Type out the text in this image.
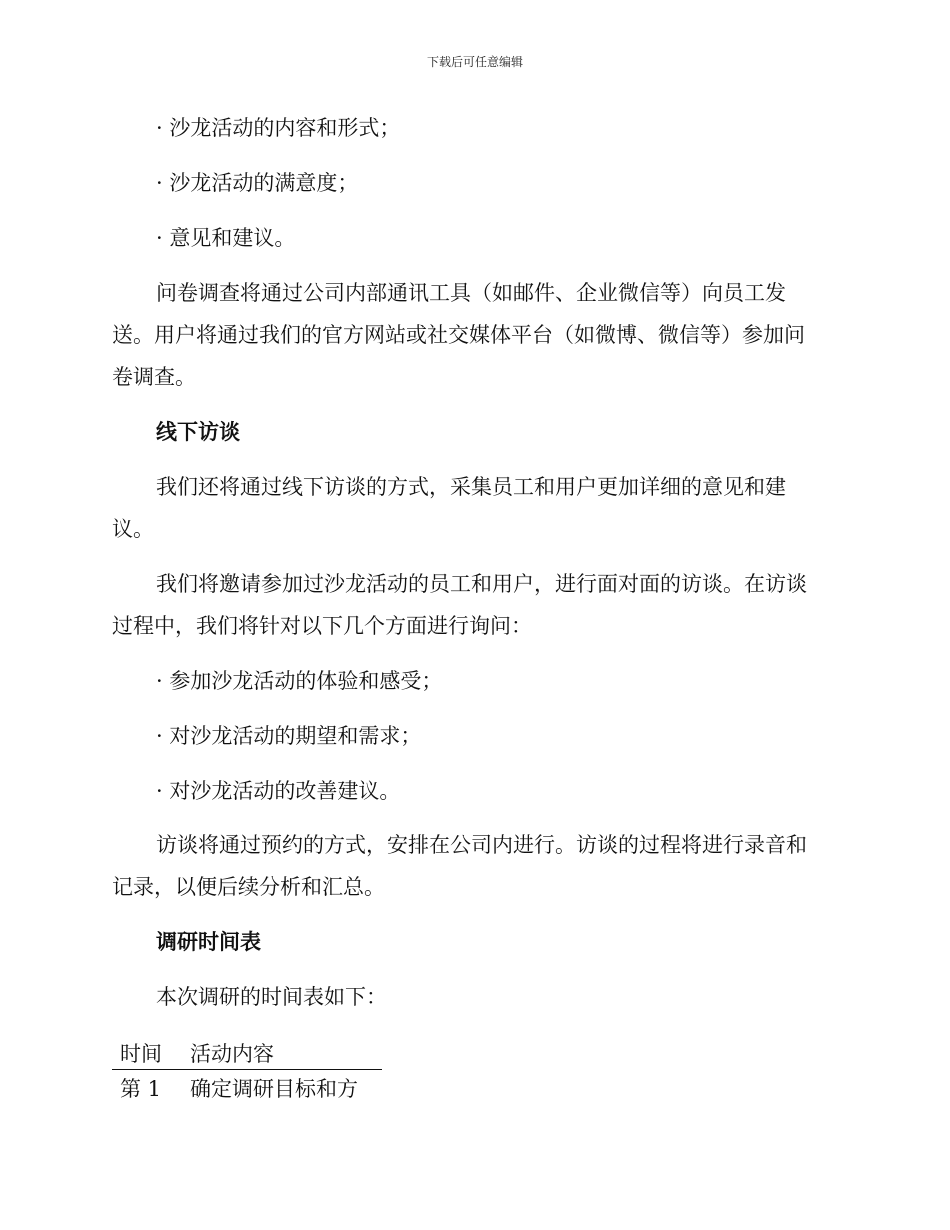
下载后可任意编辑
· 沙龙活动的内容和形式；
· 沙龙活动的满意度；
· 意见和建议。
问卷调查将通过公司内部通讯工具（如邮件、企业微信等）向员工发
送。用户将通过我们的官方网站或社交媒体平台（如微博、微信等）参加问
卷调查。
线下访谈
我们还将通过线下访谈的方式，采集员工和用户更加详细的意见和建
议。
我们将邀请参加过沙龙活动的员工和用户，进行面对面的访谈。在访谈
过程中，我们将针对以下几个方面进行询问：
· 参加沙龙活动的体验和感受；
· 对沙龙活动的期望和需求；
· 对沙龙活动的改善建议。
访谈将通过预约的方式，安排在公司内进行。访谈的过程将进行录音和
记录，以便后续分析和汇总。
调研时间表
本次调研的时间表如下：
时间	活动内容
第 1	确定调研目标和方
